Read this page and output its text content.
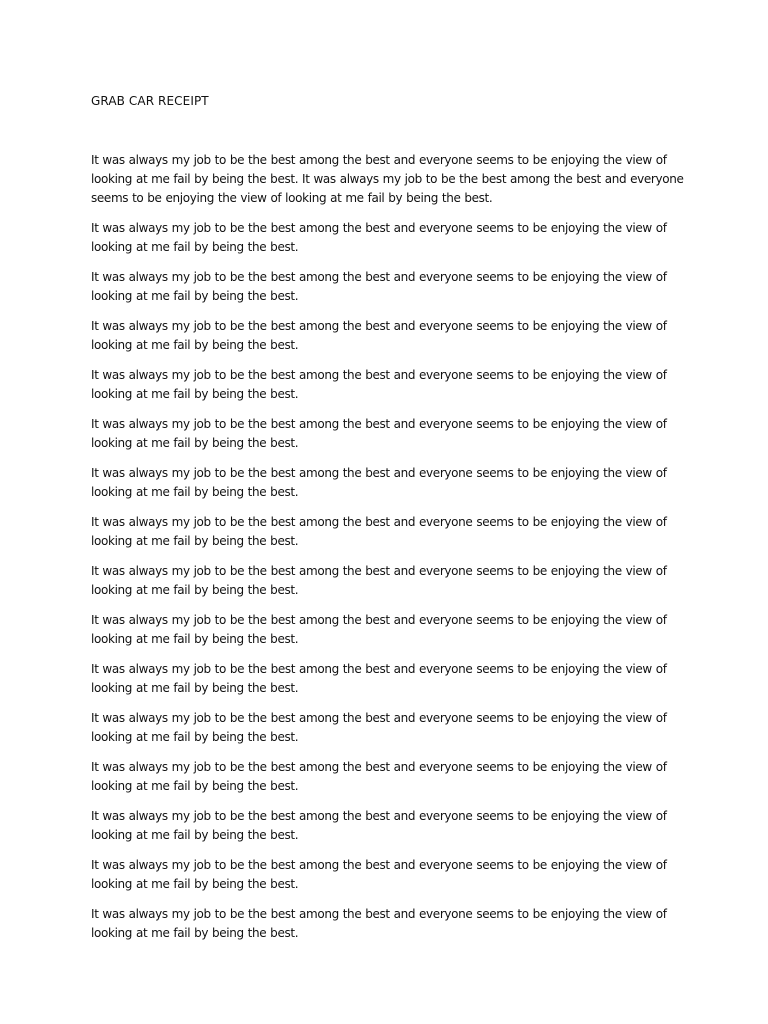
GRAB CAR RECEIPT
It was always my job to be the best among the best and everyone seems to be enjoying the view of
looking at me fail by being the best. It was always my job to be the best among the best and everyone
seems to be enjoying the view of looking at me fail by being the best.
It was always my job to be the best among the best and everyone seems to be enjoying the view of
looking at me fail by being the best.
It was always my job to be the best among the best and everyone seems to be enjoying the view of
looking at me fail by being the best.
It was always my job to be the best among the best and everyone seems to be enjoying the view of
looking at me fail by being the best.
It was always my job to be the best among the best and everyone seems to be enjoying the view of
looking at me fail by being the best.
It was always my job to be the best among the best and everyone seems to be enjoying the view of
looking at me fail by being the best.
It was always my job to be the best among the best and everyone seems to be enjoying the view of
looking at me fail by being the best.
It was always my job to be the best among the best and everyone seems to be enjoying the view of
looking at me fail by being the best.
It was always my job to be the best among the best and everyone seems to be enjoying the view of
looking at me fail by being the best.
It was always my job to be the best among the best and everyone seems to be enjoying the view of
looking at me fail by being the best.
It was always my job to be the best among the best and everyone seems to be enjoying the view of
looking at me fail by being the best.
It was always my job to be the best among the best and everyone seems to be enjoying the view of
looking at me fail by being the best.
It was always my job to be the best among the best and everyone seems to be enjoying the view of
looking at me fail by being the best.
It was always my job to be the best among the best and everyone seems to be enjoying the view of
looking at me fail by being the best.
It was always my job to be the best among the best and everyone seems to be enjoying the view of
looking at me fail by being the best.
It was always my job to be the best among the best and everyone seems to be enjoying the view of
looking at me fail by being the best.
